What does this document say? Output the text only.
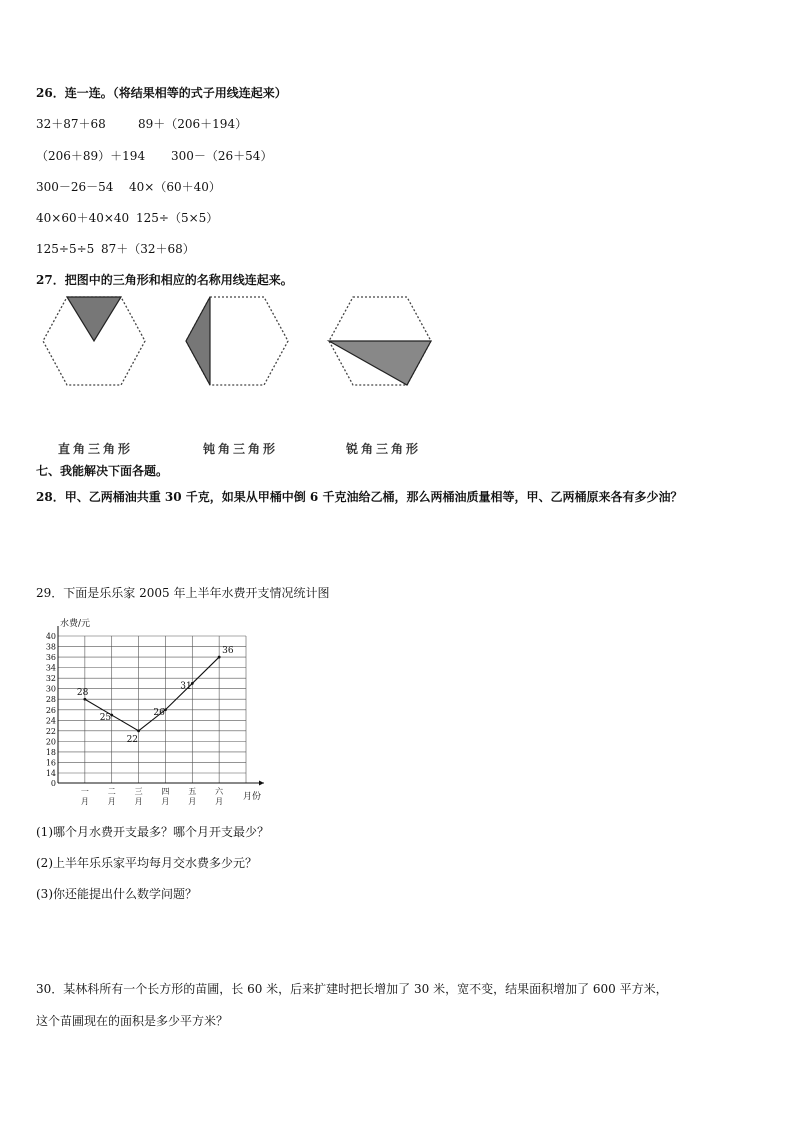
26．连一连。（将结果相等的式子用线连起来）
32＋87＋68	89＋（206＋194）
（206＋89）＋194 300－（26＋54）
300－26－54 40×（60＋40）
40×60＋40×40 125÷（5×5）
125÷5÷5 87＋（32＋68）
27．把图中的三角形和相应的名称用线连起来。
直角三角形	钝角三角形	锐角三角形
七、我能解决下面各题。
28．甲、乙两桶油共重 30 千克，如果从甲桶中倒 6 千克油给乙桶，那么两桶油质量相等，甲、乙两桶原来各有多少油？
29．下面是乐乐家 2005 年上半年水费开支情况统计图
0
14
16
18
20
22
24
26
28
30
32
34
36
38
40
一
月
二
月
三
月
四
月
五
月
六
月
28
25
22
26
31
36
水费/元
月份
(1)哪个月水费开支最多？哪个月开支最少？
(2)上半年乐乐家平均每月交水费多少元？
(3)你还能提出什么数学问题？
30．某林科所有一个长方形的苗圃，长 60 米，后来扩建时把长增加了 30 米，宽不变，结果面积增加了 600 平方米，
这个苗圃现在的面积是多少平方米？
